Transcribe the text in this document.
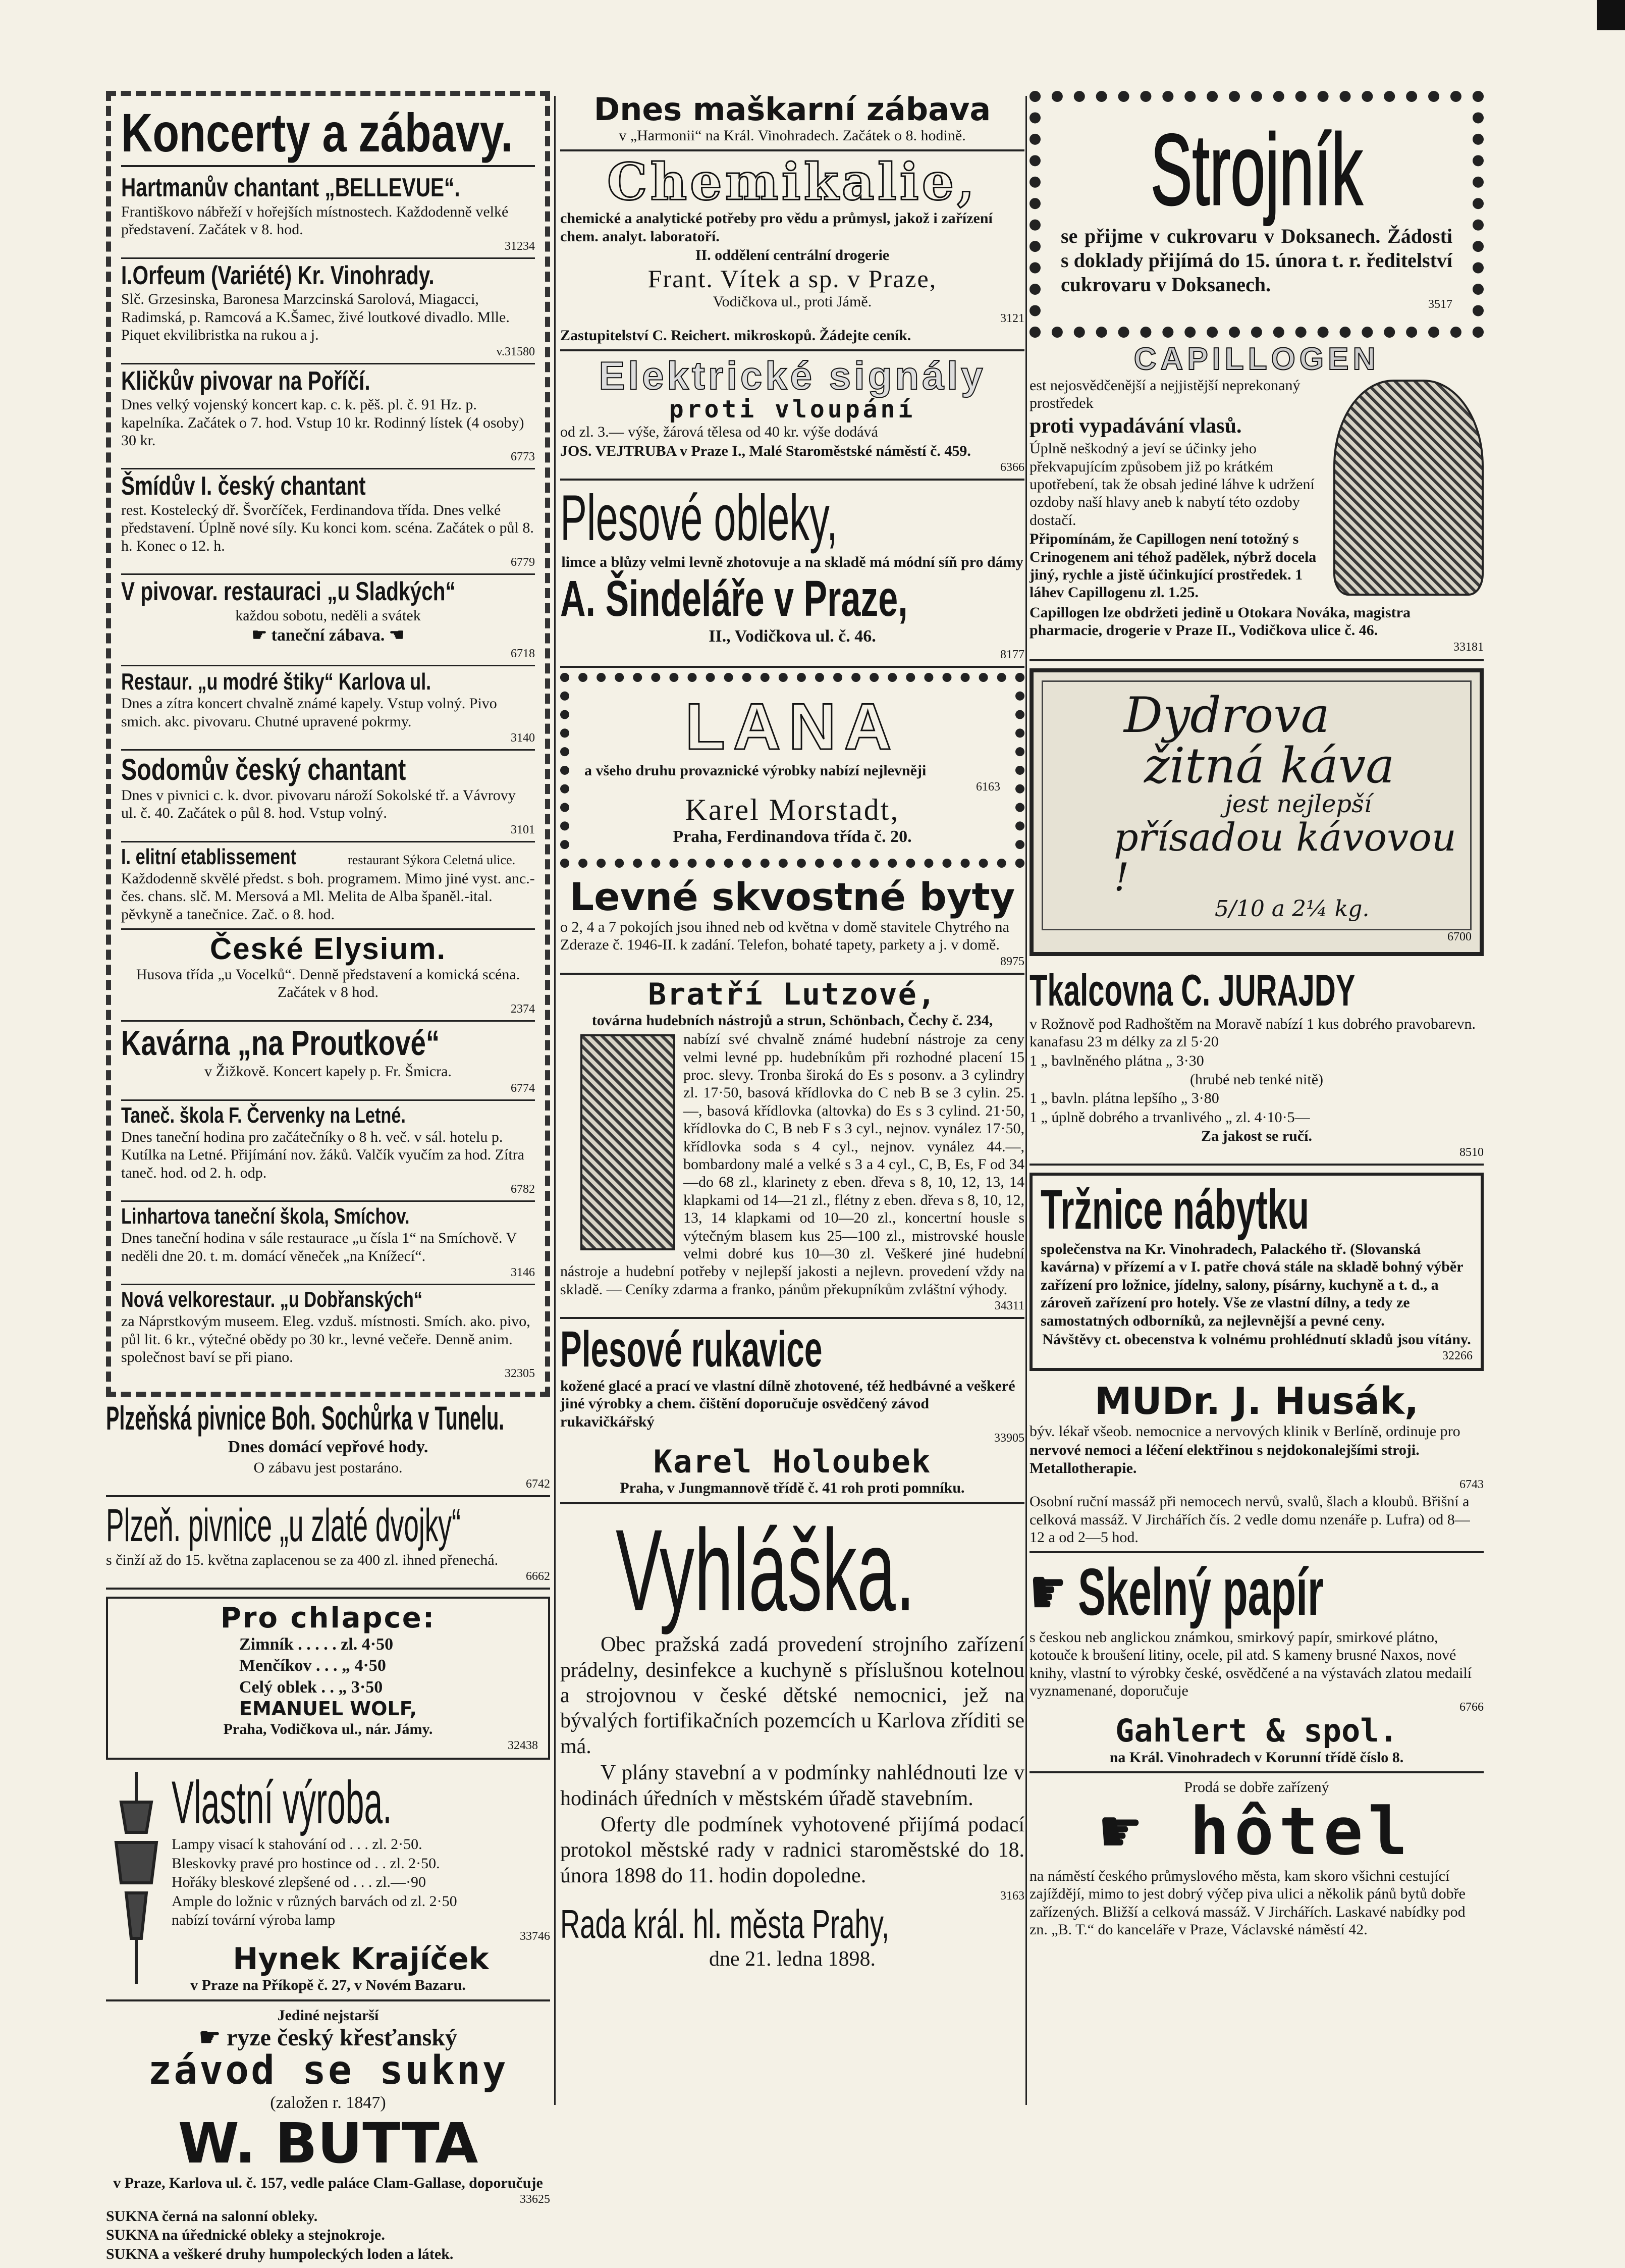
Koncerty a zábavy.
Hartmanův chantant „BELLEVUE“.

Františkovo nábřeží v hořejších místnostech. Každodenně velké představení. Začátek v 8. hod.

31234
I.Orfeum (Variété) Kr. Vinohrady.

Slč. Grzesinska, Baronesa Marzcinská Sarolová, Miagacci, Radimská, p. Ramcová a K.Šamec, živé loutkové divadlo. Mlle. Piquet ekvilibristka na rukou a j.

v.31580
Kličkův pivovar na Poříčí.

Dnes velký vojenský koncert kap. c. k. pěš. pl. č. 91 Hz. p. kapelníka. Začátek o 7. hod. Vstup 10 kr. Rodinný lístek (4 osoby) 30 kr.

6773
Šmídův I. český chantant

rest. Kostelecký dř. Švorčíček, Ferdinandova třída. Dnes velké představení. Úplně nové síly. Ku konci kom. scéna. Začátek o půl 8. h. Konec o 12. h.

6779
V pivovar. restauraci „u Sladkých“

každou sobotu, neděli a svátek

☛ taneční zábava. ☚

6718
Restaur. „u modré štiky“ Karlova ul.

Dnes a zítra koncert chvalně známé kapely. Vstup volný. Pivo smich. akc. pivovaru. Chutné upravené pokrmy.

3140
Sodomův český chantant

Dnes v pivnici c. k. dvor. pivovaru nároží Sokolské tř. a Vávrovy ul. č. 40. Začátek o půl 8. hod. Vstup volný.

3101
I. elitní etablissement	restaurant Sýkora Celetná ulice.

Každodenně skvělé předst. s boh. programem. Mimo jiné vyst. anc.-čes. chans. slč. M. Mersová a Ml. Melita de Alba španěl.-ital. pěvkyně a tanečnice. Zač. o 8. hod.

České Elysium.

Husova třída „u Vocelků“. Denně představení a komická scéna. Začátek v 8 hod.

2374
Kavárna „na Proutkové“

v Žižkově. Koncert kapely p. Fr. Šmicra.

6774
Taneč. škola F. Červenky na Letné.

Dnes taneční hodina pro začátečníky o 8 h. več. v sál. hotelu p. Kutílka na Letné. Přijímání nov. žáků. Valčík vyučím za hod. Zítra taneč. hod. od 2. h. odp.

6782
Linhartova taneční škola, Smíchov.

Dnes taneční hodina v sále restaurace „u čísla 1“ na Smíchově. V neděli dne 20. t. m. domácí věneček „na Knížecí“.

3146
Nová velkorestaur. „u Dobřanských“

za Náprstkovým museem. Eleg. vzduš. místnosti. Smích. ako. pivo, půl lit. 6 kr., výtečné obědy po 30 kr., levné večeře. Denně anim. společnost baví se při piano.

32305
Plzeňská pivnice Boh. Sochůrka v Tunelu.

Dnes domácí vepřové hody.

O zábavu jest postaráno.

6742
Plzeň. pivnice „u zlaté dvojky“

s činží až do 15. května zaplacenou se za 400 zl. ihned přenechá.

6662
Pro chlapce:

Zimník . . . . . zl. 4·50

Menčíkov . . . „ 4·50

Celý oblek . . „ 3·50

EMANUEL WOLF,

Praha, Vodičkova ul., nár. Jámy.

32438
Vlastní výroba.

Lampy visací k stahování od . . . zl. 2·50.

Bleskovky pravé pro hostince od . . zl. 2·50.

Hořáky bleskové zlepšené od . . . zl.—·90

Ample do ložnic v různých barvách od zl. 2·50

nabízí tovární výroba lamp

33746
Hynek Krajíček

v Praze na Příkopě č. 27, v Novém Bazaru.

Jediné nejstarší

☛ ryze český křesťanský
závod se sukny

(založen r. 1847)

W. BUTTA

v Praze, Karlova ul. č. 157, vedle paláce Clam-Gallase, doporučuje

33625

SUKNA černá na salonní obleky.

SUKNA na úřednické obleky a stejnokroje.

SUKNA a veškeré druhy humpoleckých loden a látek.

Dnes maškarní zábava

v „Harmonii“ na Král. Vinohradech. Začátek o 8. hodině.

Chemikalie,

chemické a analytické potřeby pro vědu a průmysl, jakož i zařízení chem. analyt. laboratoří.

II. oddělení centrální drogerie

Frant. Vítek a sp. v Praze,

Vodičkova ul., proti Jámě.

3121

Zastupitelství C. Reichert. mikroskopů. Žádejte ceník.

Elektrické signály
proti vloupání

od zl. 3.— výše, žárová tělesa od 40 kr. výše dodává

JOS. VEJTRUBA v Praze I., Malé Staroměstské náměstí č. 459.

6366
Plesové obleky,

limce a blůzy velmi levně zhotovuje a na skladě má módní síň pro dámy

A. Šindeláře v Praze,

II., Vodičkova ul. č. 46.

8177
LANA

a všeho druhu provaznické výrobky nabízí nejlevněji

6163
Karel Morstadt,

Praha, Ferdinandova třída č. 20.

Levné skvostné byty

o 2, 4 a 7 pokojích jsou ihned neb od května v domě stavitele Chytrého na Zderaze č. 1946-II. k zadání. Telefon, bohaté tapety, parkety a j. v domě.

8975
Bratří Lutzové,

továrna hudebních nástrojů a strun, Schönbach, Čechy č. 234,

nabízí své chvalně známé hudební nástroje za ceny velmi levné pp. hudebníkům při rozhodné placení 15 proc. slevy. Tronba široká do Es s posonv. a 3 cylindry zl. 17·50, basová křídlovka do C neb B se 3 cylin. 25.—, basová křídlovka (altovka) do Es s 3 cylind. 21·50, křídlovka do C, B neb F s 3 cyl., nejnov. vynález 17·50, křídlovka soda s 4 cyl., nejnov. vynález 44.—, bombardony malé a velké s 3 a 4 cyl., C, B, Es, F od 34—do 68 zl., klarinety z eben. dřeva s 8, 10, 12, 13, 14 klapkami od 14—21 zl., flétny z eben. dřeva s 8, 10, 12, 13, 14 klapkami od 10—20 zl., koncertní housle s výtečným blasem kus 25—100 zl., mistrovské housle velmi dobré kus 10—30 zl. Veškeré jiné hudební nástroje a hudební potřeby v nejlepší jakosti a nejlevn. provedení vždy na skladě. — Ceníky zdarma a franko, pánům překupníkům zvláštní výhody.

34311
Plesové rukavice

kožené glacé a prací ve vlastní dílně zhotovené, též hedbávné a veškeré jiné výrobky a chem. čištění doporučuje osvědčený závod rukavičkářský

33905
Karel Holoubek

Praha, v Jungmannově třídě č. 41 roh proti pomníku.

Vyhláška.

Obec pražská zadá provedení strojního zařízení prádelny, desinfekce a kuchyně s příslušnou kotelnou a strojovnou v české dětské nemocnici, jež na bývalých fortifikačních pozemcích u Karlova zříditi se má.

V plány stavební a v podmínky nahlédnouti lze v hodinách úředních v městském úřadě stavebním.

Oferty dle podmínek vyhotovené přijímá podací protokol městské rady v radnici staroměstské do 18. února 1898 do 11. hodin dopoledne.

3163
Rada král. hl. města Prahy,

dne 21. ledna 1898.

Strojník

se přijme v cukrovaru v Doksanech. Žádosti s doklady přijímá do 15. února t. r. ředitelství cukrovaru v Doksanech.

3517
CAPILLOGEN

est nejosvědčenější a nejjistější neprekonaný prostředek

proti vypadávání vlasů.

Úplně neškodný a jeví se účinky jeho překvapujícím způsobem již po krátkém upotřebení, tak že obsah jediné láhve k udržení ozdoby naší hlavy aneb k nabytí této ozdoby dostačí.

Připomínám, že Capillogen není totožný s Crinogenem ani téhož padělek, nýbrž docela jiný, rychle a jistě účinkující prostředek. 1 láhev Capillogenu zl. 1.25.

Capillogen lze obdržeti jedině u Otokara Nováka, magistra pharmacie, drogerie v Praze II., Vodičkova ulice č. 46.

33181
Dydrova
žitná káva
jest nejlepší
přísadou kávovou !
5/10 a 2¼ kg.
6700
Tkalcovna C. JURAJDY

v Rožnově pod Radhoštěm na Moravě nabízí 1 kus dobrého pravobarevn. kanafasu 23 m délky za zl 5·20

1 „ bavlněného plátna „ 3·30

(hrubé neb tenké nitě)

1 „ bavln. plátna lepšího „ 3·80

1 „ úplně dobrého a trvanlivého „ zl. 4·10·5—

Za jakost se ručí.

8510
Tržnice nábytku

společenstva na Kr. Vinohradech, Palackého tř. (Slovanská kavárna) v přízemí a v I. patře chová stále na skladě bohný výběr zařízení pro ložnice, jídelny, salony, písárny, kuchyně a t. d., a zároveň zařízení pro hotely. Vše ze vlastní dílny, a tedy ze samostatných odborníků, za nejlevnější a pevné ceny.

Návštěvy ct. obecenstva k volnému prohlédnutí skladů jsou vítány.

32266
MUDr. J. Husák,

býv. lékař všeob. nemocnice a nervových klinik v Berlíně, ordinuje pro

nervové nemoci a léčení elektřinou s nejdokonalejšími stroji. Metallotherapie.

6743

Osobní ruční massáž při nemocech nervů, svalů, šlach a kloubů. Břišní a celková massáž. V Jirchářích čís. 2 vedle domu nzenáře p. Lufra) od 8—12 a od 2—5 hod.

☛ Skelný papír

s českou neb anglickou známkou, smirkový papír, smirkové plátno, kotouče k broušení litiny, ocele, pil atd. S kameny brusné Naxos, nové knihy, vlastní to výrobky české, osvědčené a na výstavách zlatou medailí vyznamenané, doporučuje

6766
Gahlert & spol.

na Král. Vinohradech v Korunní třídě číslo 8.

Prodá se dobře zařízený

☛ hôtel

na náměstí českého průmyslového města, kam skoro všichni cestující zajíždějí, mimo to jest dobrý výčep piva ulici a několik pánů bytů dobře zařízených. Bližší a celková massáž. V Jirchářích. Laskavé nabídky pod zn. „B. T.“ do kanceláře v Praze, Václavské náměstí 42.
